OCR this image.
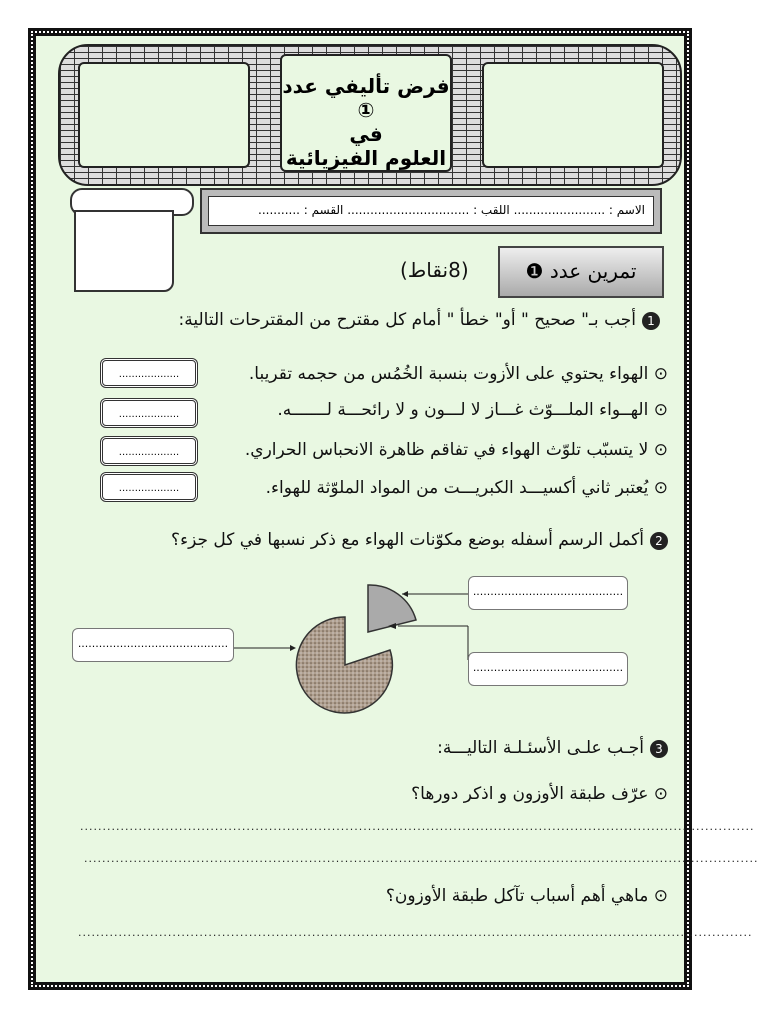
فرض تأليفي عدد ①
في
العلوم الفيزيائية
الاسم : ........................ اللقب : ................................ القسم : ...........
تمرين عدد ❶
(8نقاط)
1أجب بـ" صحيح " أو" خطأ " أمام كل مقترح من المقترحات التالية:
⊙ الهواء يحتوي على الأزوت بنسبة الخُمُس من حجمه تقريبا.
...................
⊙ الهــواء الملـــوّث غـــاز لا لـــون و لا رائحـــة لـــــــه.
...................
⊙ لا يتسبّب تلوّث الهواء في تفاقم ظاهرة الانحباس الحراري.
...................
⊙ يُعتبر ثاني أكسيـــد الكبريـــت من المواد الملوّثة للهواء.
...................
2أكمل الرسم أسفله بوضع مكوّنات الهواء مع ذكر نسبها في كل جزء؟
...........................................
...........................................
...........................................
3أجـب علـى الأسئـلـة التاليـــة:
⊙ عرّف طبقة الأوزون و اذكر دورها؟
......................................................................................................................................................
......................................................................................................................................................
⊙ ماهي أهم أسباب تآكل طبقة الأوزون؟
......................................................................................................................................................
